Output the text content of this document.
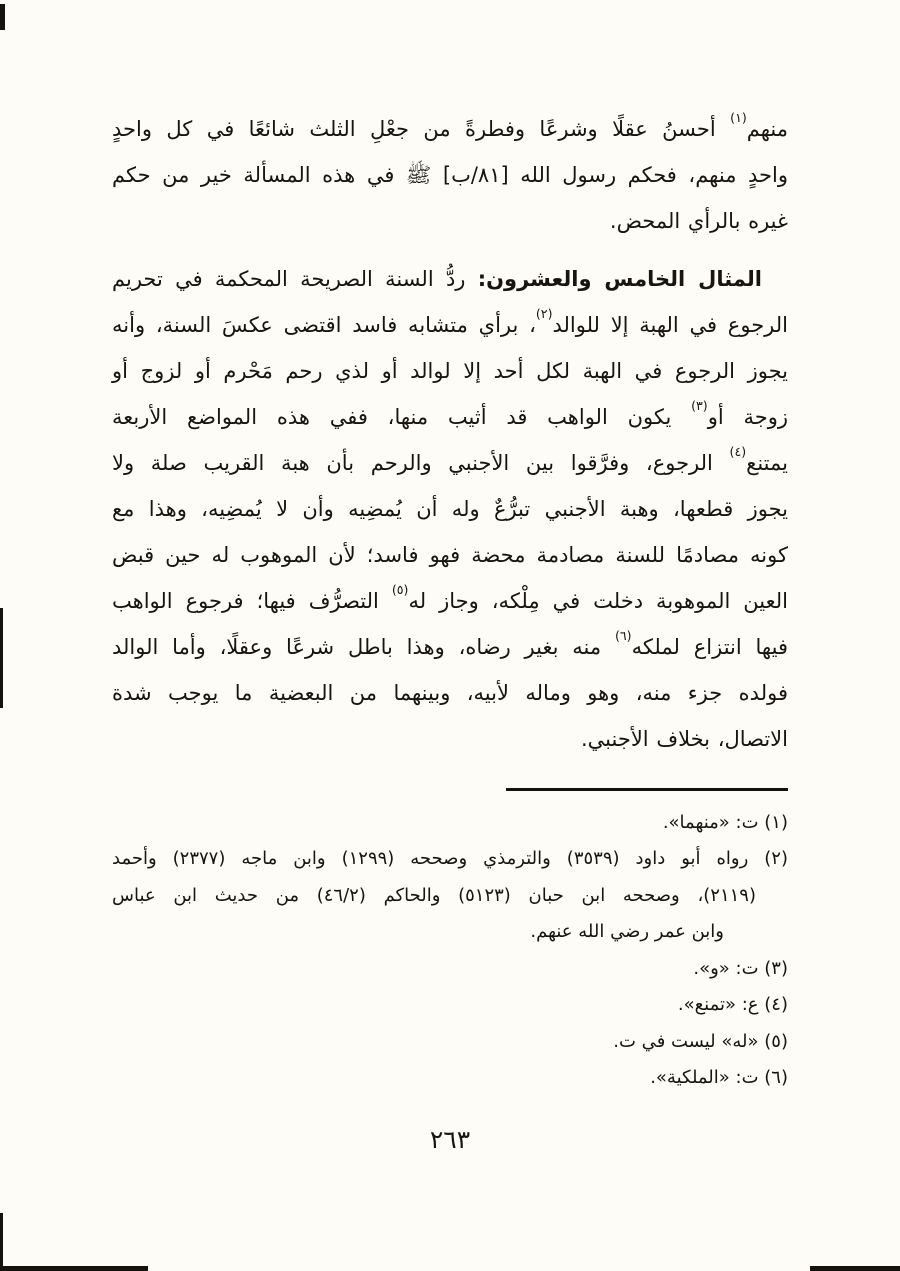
منهم$^{(١)}$ أحسنُ عقلًا وشرعًا وفطرةً من جعْلِ الثلث شائعًا في كل واحدٍ
واحدٍ منهم، فحكم رسول الله [٨١/ب] ﷺ في هذه المسألة خير من حكم
غيره بالرأي المحض.
المثال الخامس والعشرون: ردُّ السنة الصريحة المحكمة في تحريم
الرجوع في الهبة إلا للوالد$^{(٢)}$، برأي متشابه فاسد اقتضى عكسَ السنة، وأنه
يجوز الرجوع في الهبة لكل أحد إلا لوالد أو لذي رحم مَحْرم أو لزوج أو
زوجة أو$^{(٣)}$ يكون الواهب قد أثيب منها، ففي هذه المواضع الأربعة
يمتنع$^{(٤)}$ الرجوع، وفرَّقوا بين الأجنبي والرحم بأن هبة القريب صلة ولا
يجوز قطعها، وهبة الأجنبي تبرُّعٌ وله أن يُمضِيه وأن لا يُمضِيه، وهذا مع
كونه مصادمًا للسنة مصادمة محضة فهو فاسد؛ لأن الموهوب له حين قبض
العين الموهوبة دخلت في مِلْكه، وجاز له$^{(٥)}$ التصرُّف فيها؛ فرجوع الواهب
فيها انتزاع لملكه$^{(٦)}$ منه بغير رضاه، وهذا باطل شرعًا وعقلًا، وأما الوالد
فولده جزء منه، وهو وماله لأبيه، وبينهما من البعضية ما يوجب شدة
الاتصال، بخلاف الأجنبي.
(١) ت: «منهما».
(٢) رواه أبو داود (٣٥٣٩) والترمذي وصححه (١٢٩٩) وابن ماجه (٢٣٧٧) وأحمد
(٢١١٩)، وصححه ابن حبان (٥١٢٣) والحاكم (٤٦/٢) من حديث ابن عباس
وابن عمر رضي الله عنهم.
(٣) ت: «و».
(٤) ع: «تمنع».
(٥) «له» ليست في ت.
(٦) ت: «الملكية».
٢٦٣
